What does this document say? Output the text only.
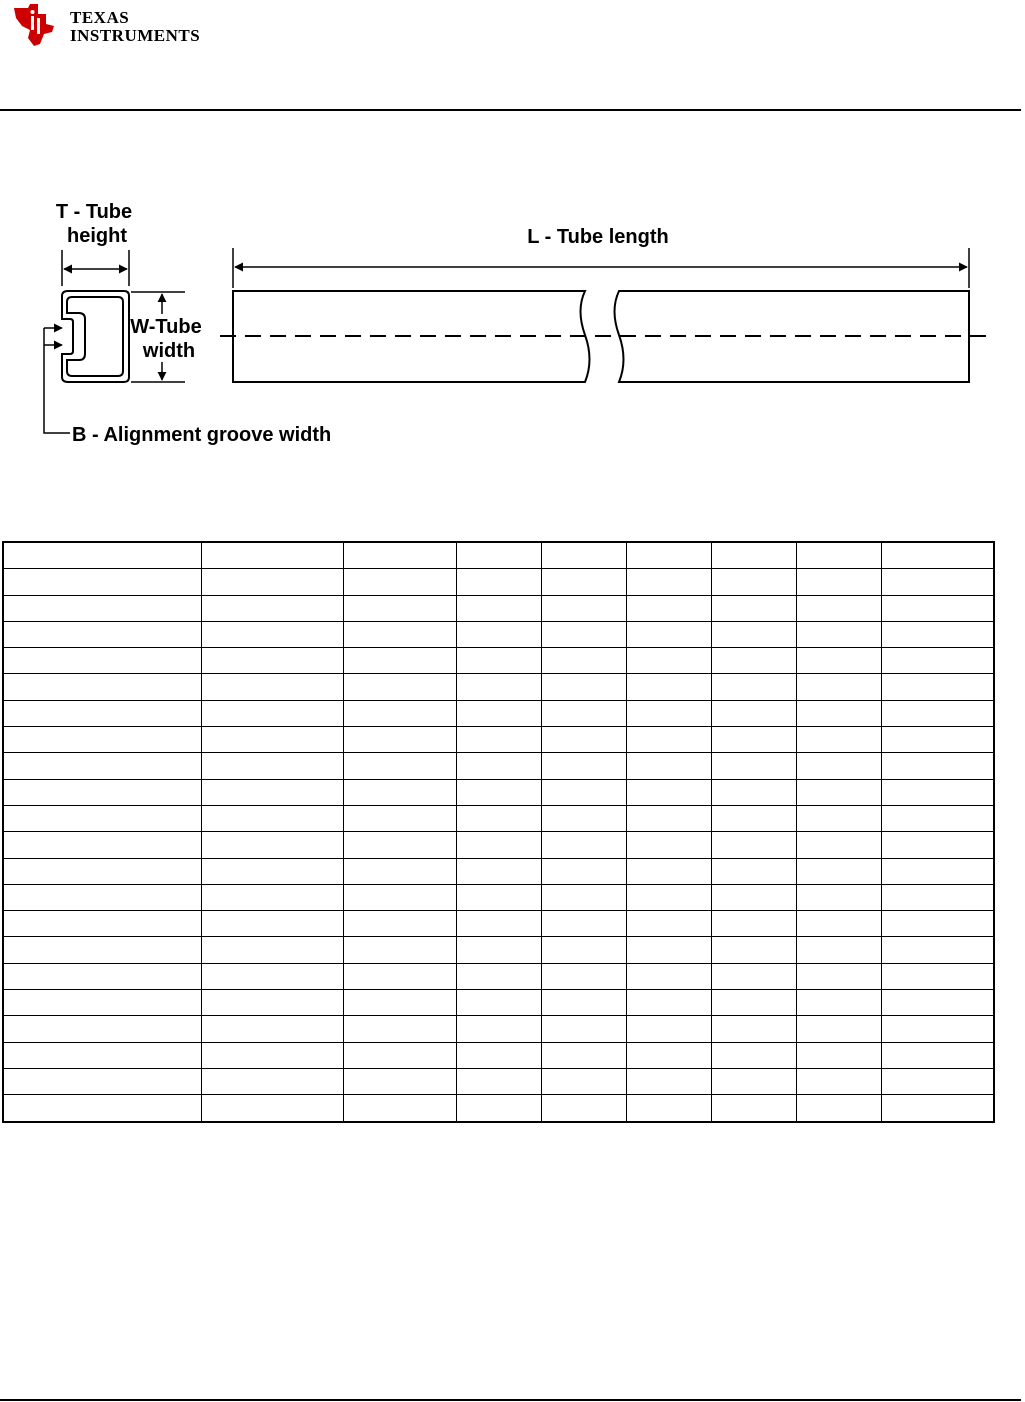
TEXAS
INSTRUMENTS
T - Tube
height
W-Tube
width
B - Alignment groove width
L - Tube length
